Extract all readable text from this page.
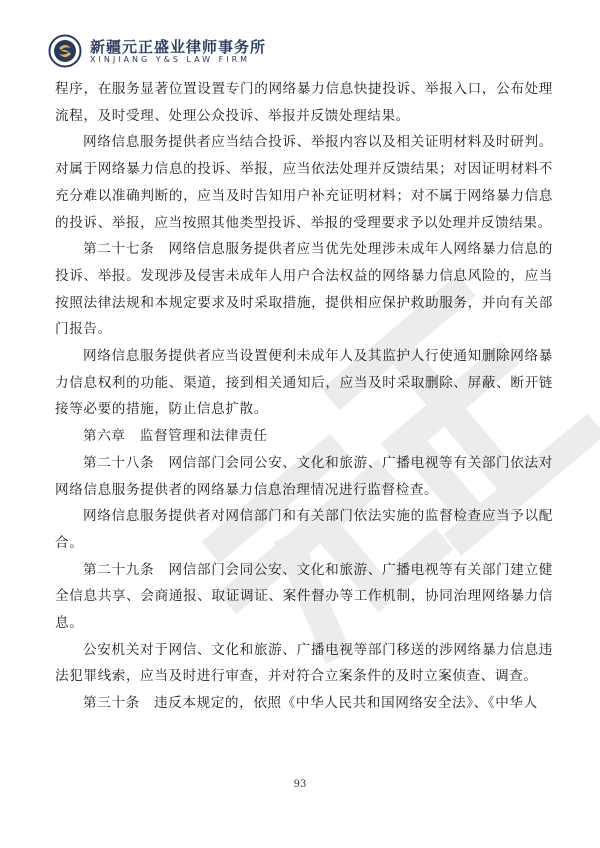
新疆元正盛业律师事务所
XINJIANG Y&S LAW FIRM

程序，在服务显著位置设置专门的网络暴力信息快捷投诉、举报入口，公布处理流程，及时受理、处理公众投诉、举报并反馈处理结果。

网络信息服务提供者应当结合投诉、举报内容以及相关证明材料及时研判。对属于网络暴力信息的投诉、举报，应当依法处理并反馈结果；对因证明材料不充分难以准确判断的，应当及时告知用户补充证明材料；对不属于网络暴力信息的投诉、举报，应当按照其他类型投诉、举报的受理要求予以处理并反馈结果。

第二十七条　网络信息服务提供者应当优先处理涉未成年人网络暴力信息的投诉、举报。发现涉及侵害未成年人用户合法权益的网络暴力信息风险的，应当按照法律法规和本规定要求及时采取措施，提供相应保护救助服务，并向有关部门报告。

网络信息服务提供者应当设置便利未成年人及其监护人行使通知删除网络暴力信息权利的功能、渠道，接到相关通知后，应当及时采取删除、屏蔽、断开链接等必要的措施，防止信息扩散。

第六章　监督管理和法律责任

第二十八条　网信部门会同公安、文化和旅游、广播电视等有关部门依法对网络信息服务提供者的网络暴力信息治理情况进行监督检查。

网络信息服务提供者对网信部门和有关部门依法实施的监督检查应当予以配合。

第二十九条　网信部门会同公安、文化和旅游、广播电视等有关部门建立健全信息共享、会商通报、取证调证、案件督办等工作机制，协同治理网络暴力信息。

公安机关对于网信、文化和旅游、广播电视等部门移送的涉网络暴力信息违法犯罪线索，应当及时进行审查，并对符合立案条件的及时立案侦查、调查。

第三十条　违反本规定的，依照《中华人民共和国网络安全法》、《中华人

93
